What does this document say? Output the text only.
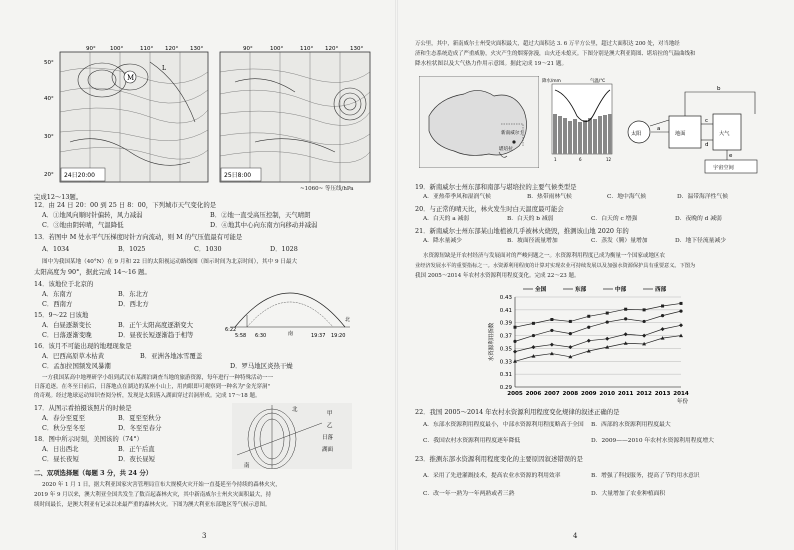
M
L
90°	100°	110° 120° 130°
50°
40°
30°
20° 24日20:00
90°	100°	110° 120° 130°
25日8:00
~1060~ 等压线/hPa
完成12～13题。
12．由 24 日 20：00 到 25 日 8：00，下列城市天气变化的是
A．①地风向顺时针偏转，风力减弱	B．②地一直受高压控制，天气晴朗
C．③地由阴转晴，气温降低	D．④地其中心向东南方向移动并减弱
13．若图中 M 处水平气压梯度时针方向流动，则 M 的气压值最有可能是
A．1034	B．1025	C．1030	D．1028
图中为我国某地（40°N）在 9 月和 22 日的太阳视运动路线图（图示时间为北京时间），其中 9 日最大
太阳高度为 90°，据此完成 14～16 题。
14．该地位于北京的
A．东南方	B．东北方
C．西南方	D．西北方
15．9～22 日该地
A．白昼逐渐变长	B．正午太阳高度逐渐变大
C．日落逐渐变晚	D．昼夜长短逐渐趋于相等
6:22
5:58 6:30	19:37 19:20
南
北
16．该月不可能出现的地理现象是
A．巴西高原草木枯黄	B．亚洲各地冰雪覆盖
C．孟加拉国频发风暴潮	D．罗马地区炎热干燥
一方我国某高中地理研学小组到武汉市某湖泊调查当地的旅游资源，每年进行一种特殊活动一一
日落追逐。在冬至日前后，日落地点在湖边的某座小山上，用肉眼即可观察到一种名为"金光穿洞"
的奇观。经过地球运动知识查阅分析，发现是太阳落入湖面穿过岩洞形成。完成 17～18 题。
17．从图示看拍摄该照片的时候是
A．春分至夏至	B．夏至至秋分
C．秋分至冬至	D．冬至至春分
18．图中所示时刻，美国该的（74°）
A．日出西北	B．正午后直
C．昼长夜短	D．夜长昼短
北
南
甲
乙
日落
湖面
二、双项选择题（每题 3 分，共 24 分）
2020 年 1 月 1 日，据大利亚国家灾害管理局宣布大规模火灾开始一直蔓延至今持续的森林火灾，
2019 年 9 月以来，澳大利亚全国共发生了数百起森林火灾，其中新南威尔士州火灾面积最大，持
续时间最长，是澳大利亚有记录以来最严重的森林火灾。下图为澳大利亚东部地区等气候示意图。
3
万公里，其中，新南威尔士州受灾面积最大，超过大面积达 3. 6 万平方公里，超过大面积达 200 处，对当地经
济和生态系统造成了严重威胁，火灾产生的烟雾弥漫，山火还未熄灭。下图分别是澳大利亚简图、堪培拉的气温曲线和
降水柱状图以及大气热力作用示意图。据此完成 19～21 题。
新南威尔士
堪培拉
气温/℃
降水/mm
1	6	12
太阳	地面	大气
宇宙空间
a
b
c
d
e
19．新南威尔士州东部和南部与堪培拉的主要气候类型是
A．亚热带季风和湿润气候	B．热带雨林气候	C．地中海气候	D．温带海洋性气候
20．与正常的晴天比，林火发生时白天温度最可能会
A．白天的 a 减弱	B．白天的 b 减弱	C．白天的 c 增强	D．夜晚的 d 减弱
21．新南威尔士州东部某山地植被几乎被林火烧毁，推测该山地 2020 年的
A．降水量减少	B．坡面径流量增加	C．蒸发（腾）量增加	D．地下径流量减少
水资源短缺是开农村经济与发展面对的严峻问题之一。水资源利用程度已成为衡量一个国家或地区农
业经济发展水平的重要指标之一。水资源利用程度的计算对实现农业可持续发展以及加强水资源保护具有重要意义。下图为
我国 2005～2014 年农村水资源利用程度变化。完成 22～23 题。
0.29
0.31
0.33
0.35
0.37
0.39
0.41
0.43
2005 2006 2007 2008 2009 2010 2011 2012 2013 2014
年份
水资源利用指数
全国	东部	中部	西部
22．我国 2005～2014 年农村水资源利用程度变化规律的叙述正确的是
A．东部水资源利用程度最小，中部水资源利用程度略高于全国 B．西部的水资源利用程度最大
C．我国农村水资源利用程度逐年降低	D．2009——2010 年农村水资源利用程度增大
23．推测东部水资源利用程度变化的主要原因叙述错误的是
A．采用了先进灌溉技术，提高农业水资源的利用效率	B．增强了科技服务，提高了节约用水意识
C．改一年一熟为一年两熟或者三熟	D．大量增加了农业种植面积
4
